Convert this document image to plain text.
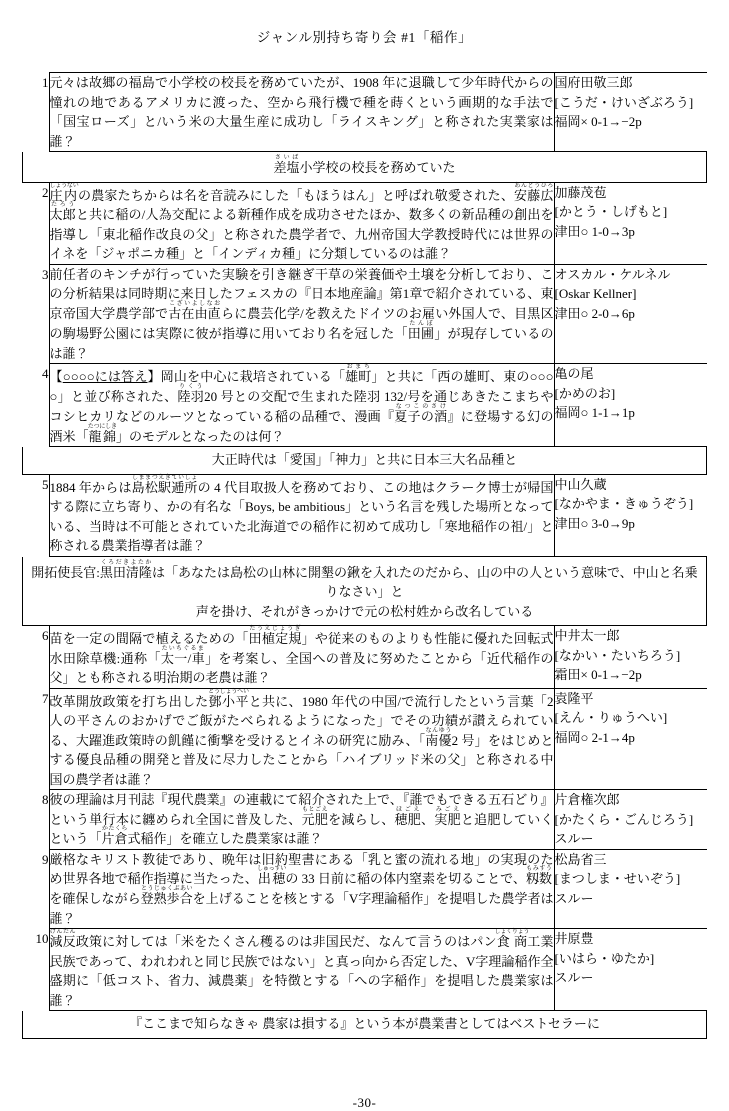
ジャンル別持ち寄り会 #1「稲作」
1	元々は故郷の福島で小学校の校長を務めていたが、1908 年に退職して少年時代からの憧れの地であるアメリカに渡った、空から飛行機で種を蒔くという画期的な手法で「国宝ローズ」と/いう米の大量生産に成功し「ライスキング」と称された実業家は誰？	国府田敬三郎
[こうだ・けいざぶろう]
福岡× 0-1→−2p

差塩さいば小学校の校長を務めていた		

2	庄内しょうないの農家たちからは名を音読みにした「もほうはん」と呼ばれ敬愛された、安藤広太郎あんどうひろたろうと共に稲の/人為交配による新種作成を成功させたほか、数多くの新品種の創出を指導し「東北稲作改良の父」と称された農学者で、九州帝国大学教授時代には世界のイネを「ジャポニカ種」と「インディカ種」に分類しているのは誰？	加藤茂苞
[かとう・しげもと]
津田○ 1-0→3p

3	前任者のキンチが行っていた実験を引き継ぎ干草の栄養価や土壌を分析しており、この分析結果は同時期に来日したフェスカの『日本地産論』第1章で紹介されている、東京帝国大学農学部で古在由直こざいよしなおらに農芸化学/を教えたドイツのお雇い外国人で、目黒区の駒場野公園には実際に彼が指導に用いており名を冠した「田圃たんぼ」が現存しているのは誰？	オスカル・ケルネル
[Oskar Kellner]
津田○ 2-0→6p

4	【○○○○には答え】岡山を中心に栽培されている「雄町おまち」と共に「西の雄町、東の○○○○」と並び称された、陸羽りくう20 号との交配で生まれた陸羽 132/号を通じあきたこまちやコシヒカリなどのルーツとなっている稲の品種で、漫画『夏子の酒なつこのさけ』に登場する幻の酒米「龍錦たつにしき」のモデルとなったのは何？	亀の尾
[かめのお]
福岡○ 1-1→1p

大正時代は「愛国」「神力」と共に日本三大名品種と		

5	1884 年からは島松駅逓所しままつえきていしょの 4 代目取扱人を務めており、この地はクラーク博士が帰国する際に立ち寄り、かの有名な「Boys, be ambitious」という名言を残した場所となっている、当時は不可能とされていた北海道での稲作に初めて成功し「寒地稲作の祖/」と称される農業指導者は誰？	中山久蔵
[なかやま・きゅうぞう]
津田○ 3-0→9p

開拓使長官:黒田清隆くろだきよたかは「あなたは島松の山林に開墾の鍬を入れたのだから、山の中の人という意味で、中山と名乗りなさい」と
声を掛け、それがきっかけで元の松村姓から改名している		

6	苗を一定の間隔で植えるための「田植定規たうえじょうぎ」や従来のものよりも性能に優れた回転式水田除草機:通称「太一/車たいちぐるま」を考案し、全国への普及に努めたことから「近代稲作の父」とも称される明治期の老農は誰？	中井太一郎
[なかい・たいちろう]
霜田× 0-1→−2p

7	改革開放政策を打ち出した鄧小平とうしょうへいと共に、1980 年代の中国/で流行したという言葉「2 人の平さんのおかげでご飯がたべられるようになった」でその功績が讃えられている、大躍進政策時の飢饉に衝撃を受けるとイネの研究に励み、「南優なんゆう2 号」をはじめとする優良品種の開発と普及に尽力したことから「ハイブリッド米の父」と称される中国の農学者は誰？	袁隆平
[えん・りゅうへい]
福岡○ 2-1→4p

8	彼の理論は月刊誌『現代農業』の連載にて紹介された上で、『誰でもできる五石どり』という単行本に纏められ全国に普及した、元肥もとごえを減らし、穂肥ほごえ、実肥みごえと追肥していくという「片倉かたくら式稲作」を確立した農業家は誰？	片倉権次郎
[かたくら・ごんじろう]
スルー

9	厳格なキリスト教徒であり、晩年は旧約聖書にある「乳と蜜の流れる地」の実現のため世界各地で稲作指導に当たった、出穂しゅっすいの 33 日前に稲の体内窒素を切ることで、籾数もみすうを確保しながら登熟歩合とうじゅくぶあいを上げることを核とする「V字理論稲作」を提唱した農学者は誰？	松島省三
[まつしま・せいぞう]
スルー

10	減反げんたん政策に対しては「米をたくさん穫るのは非国民だ、なんて言うのはパン食商しょくりょう工業民族であって、われわれと同じ民族ではない」と真っ向から否定した、V字理論稲作全盛期に「低コスト、省力、減農薬」を特徴とする「への字稲作」を提唱した農業家は誰？	井原豊
[いはら・ゆたか]
スルー

『ここまで知らなきゃ 農家は損する』という本が農業書としてはベストセラーに		
-30-
